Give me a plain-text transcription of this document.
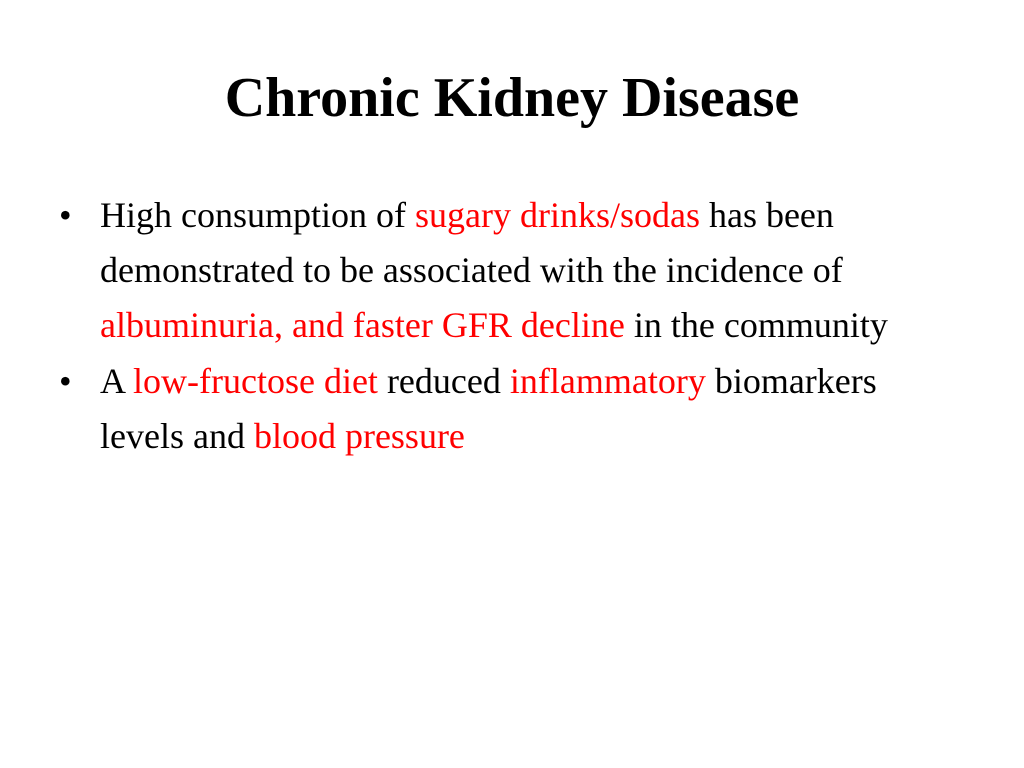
Chronic Kidney Disease
• High consumption of sugary drinks/sodas has been demonstrated to be associated with the incidence of albuminuria, and faster GFR decline in the community
• A low-fructose diet reduced inflammatory biomarkers levels and blood pressure
